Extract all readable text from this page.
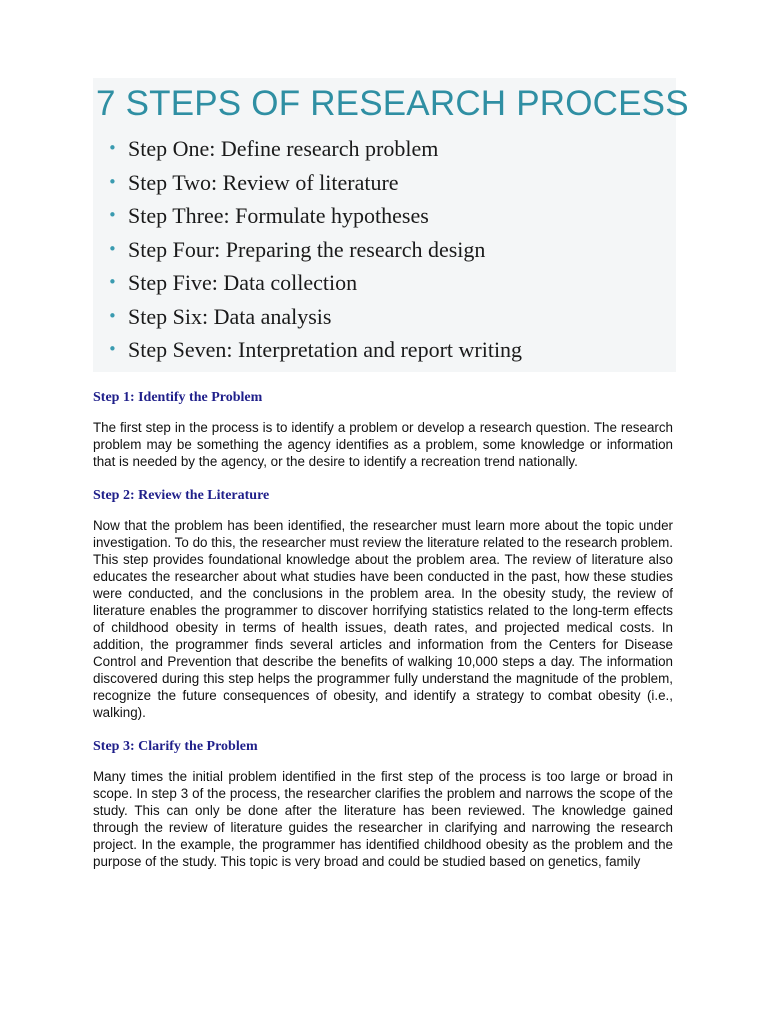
7 STEPS OF RESEARCH PROCESS
• Step One: Define research problem
• Step Two: Review of literature
• Step Three: Formulate hypotheses
• Step Four: Preparing the research design
• Step Five: Data collection
• Step Six: Data analysis
• Step Seven: Interpretation and report writing
Step 1: Identify the Problem

The first step in the process is to identify a problem or develop a research question. The research problem may be something the agency identifies as a problem, some knowledge or information that is needed by the agency, or the desire to identify a recreation trend nationally.

Step 2: Review the Literature

Now that the problem has been identified, the researcher must learn more about the topic under investigation. To do this, the researcher must review the literature related to the research problem. This step provides foundational knowledge about the problem area. The review of literature also educates the researcher about what studies have been conducted in the past, how these studies were conducted, and the conclusions in the problem area. In the obesity study, the review of literature enables the programmer to discover horrifying statistics related to the long-term effects of childhood obesity in terms of health issues, death rates, and projected medical costs. In addition, the programmer finds several articles and information from the Centers for Disease Control and Prevention that describe the benefits of walking 10,000 steps a day. The information discovered during this step helps the programmer fully understand the magnitude of the problem, recognize the future consequences of obesity, and identify a strategy to combat obesity (i.e., walking).

Step 3: Clarify the Problem

Many times the initial problem identified in the first step of the process is too large or broad in scope. In step 3 of the process, the researcher clarifies the problem and narrows the scope of the study. This can only be done after the literature has been reviewed. The knowledge gained through the review of literature guides the researcher in clarifying and narrowing the research project. In the example, the programmer has identified childhood obesity as the problem and the purpose of the study. This topic is very broad and could be studied based on genetics, family
